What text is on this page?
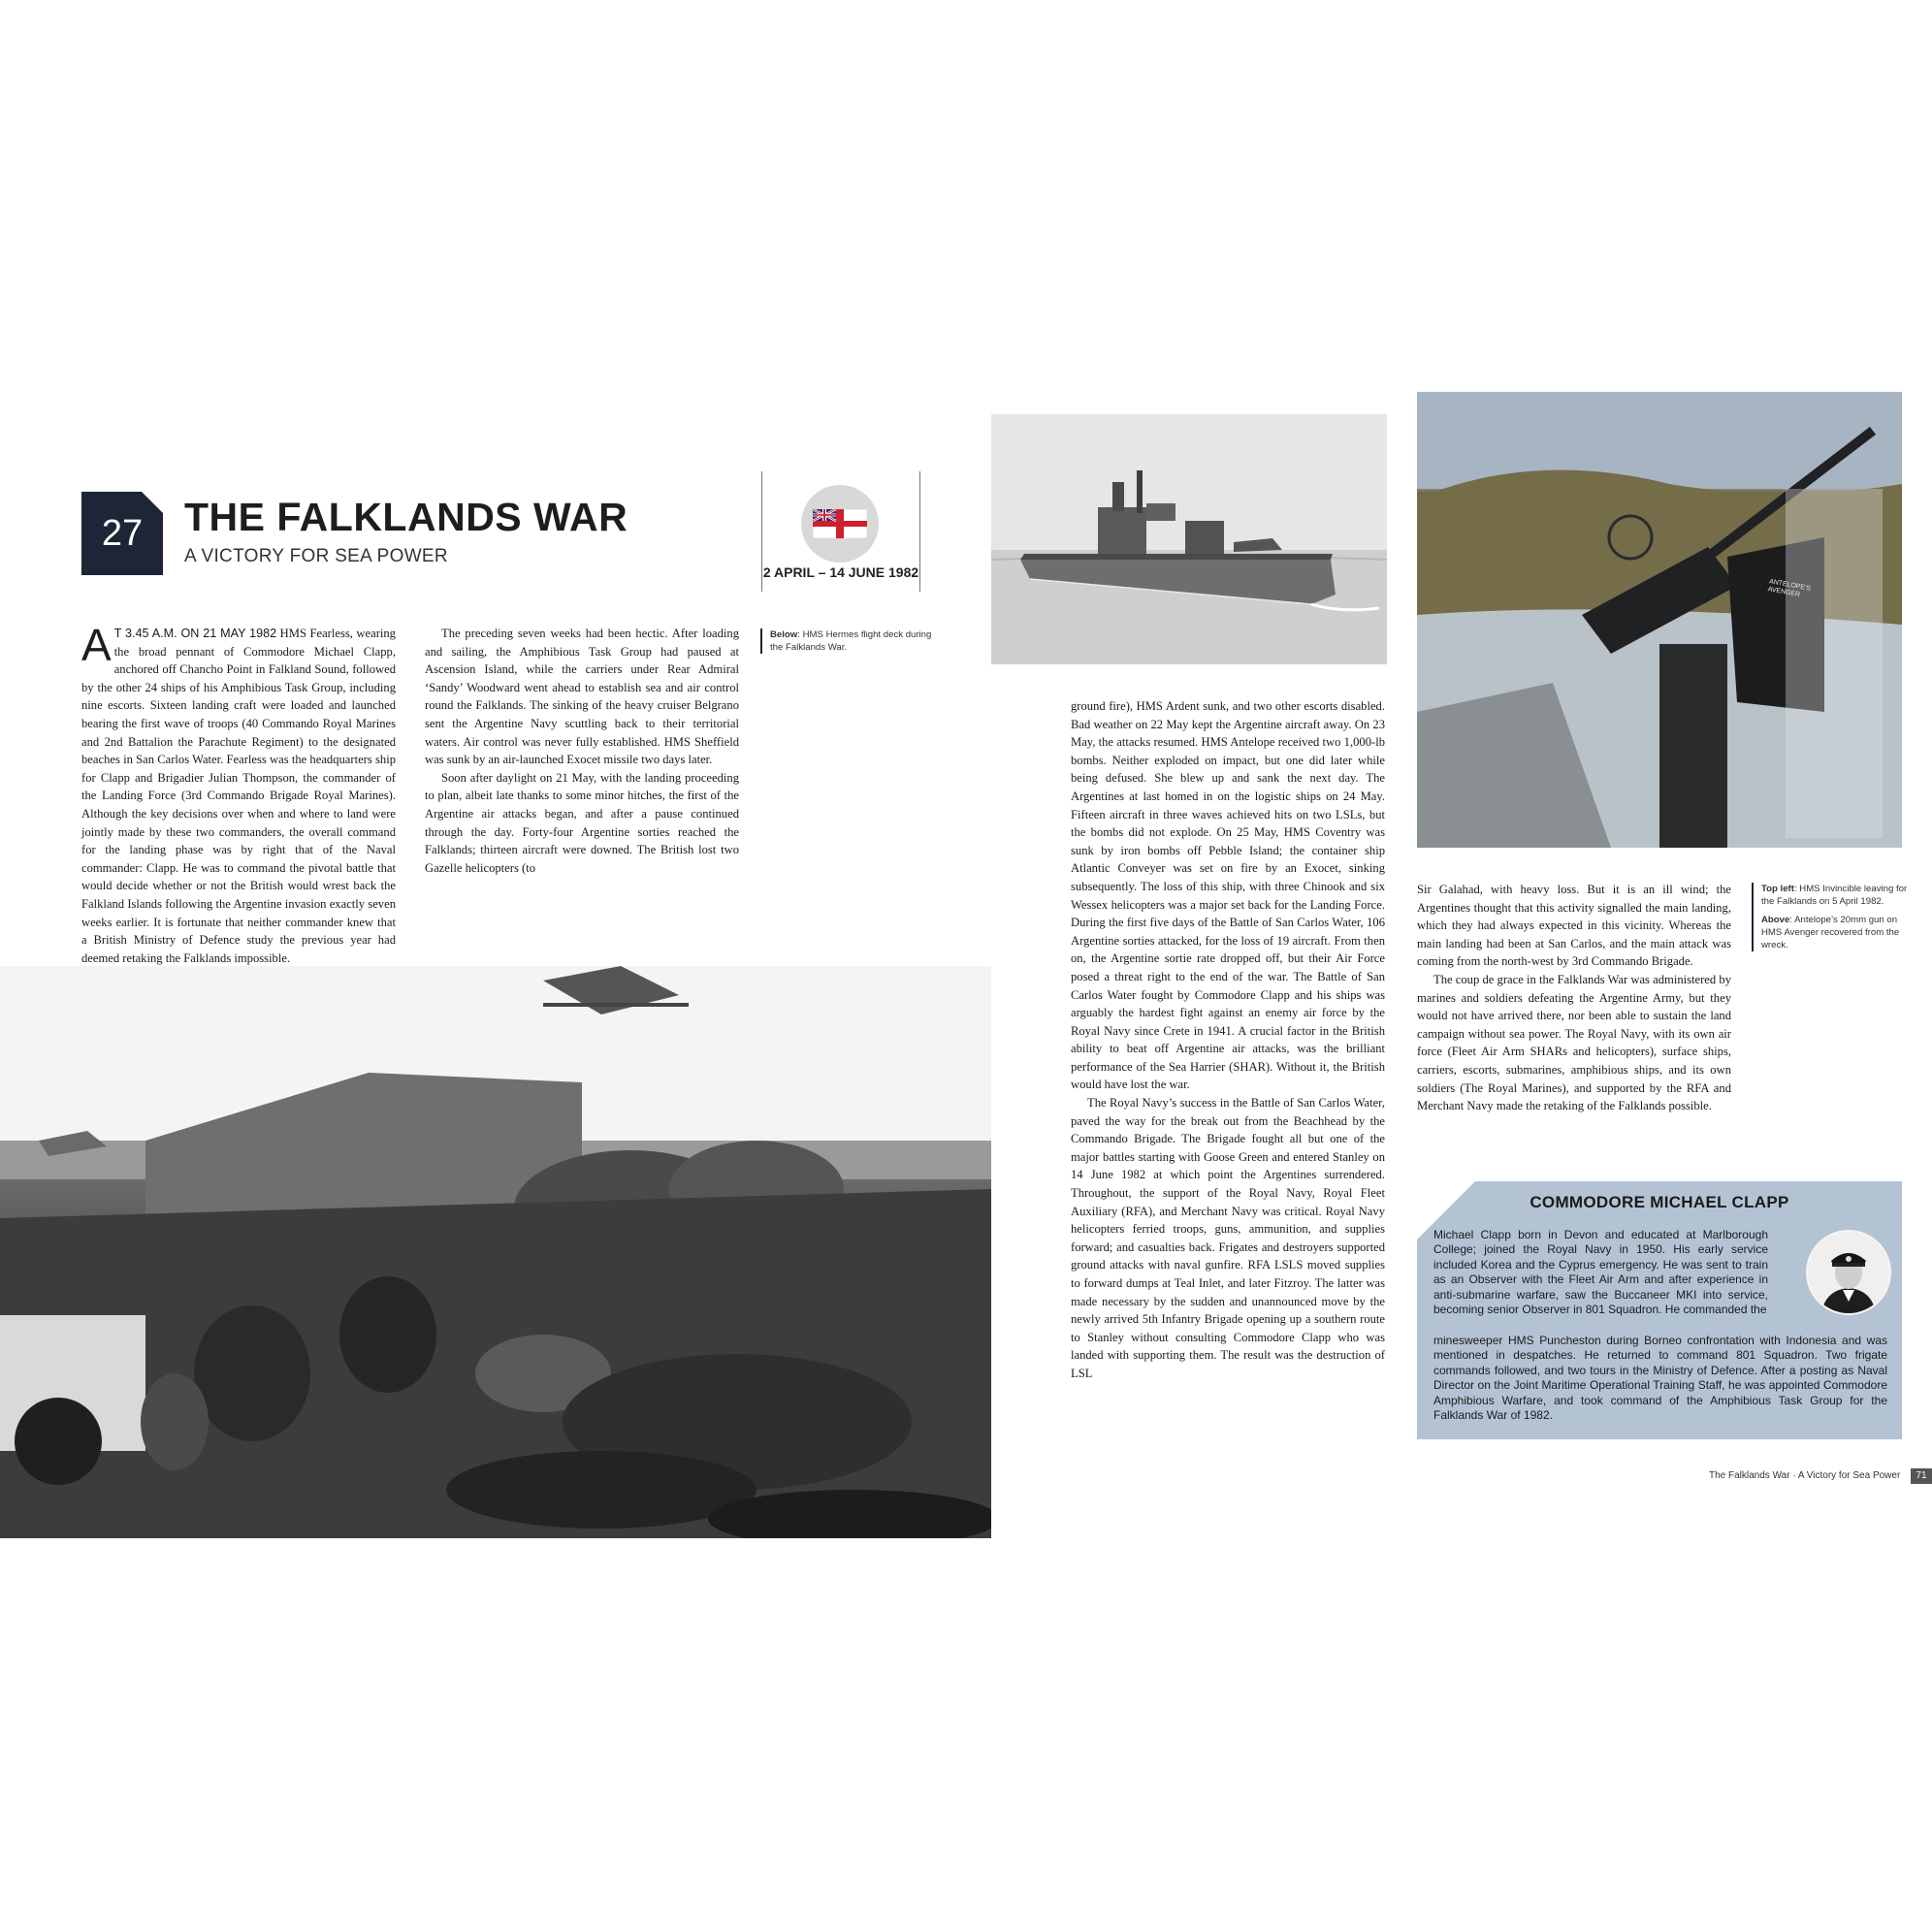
27 THE FALKLANDS WAR
A VICTORY FOR SEA POWER
2 APRIL – 14 JUNE 1982

A T 3.45 A.M. ON 21 MAY 1982 HMS Fearless, wearing the broad pennant of Commodore Michael Clapp, anchored off Chancho Point in Falkland Sound, followed by the other 24 ships of his Amphibious Task Group, including nine escorts. Sixteen landing craft were loaded and launched bearing the first wave of troops (40 Commando Royal Marines and 2nd Battalion the Parachute Regiment) to the designated beaches in San Carlos Water. Fearless was the headquarters ship for Clapp and Brigadier Julian Thompson, the commander of the Landing Force (3rd Commando Brigade Royal Marines). Although the key decisions over when and where to land were jointly made by these two commanders, the overall command for the landing phase was by right that of the Naval commander: Clapp. He was to command the pivotal battle that would decide whether or not the British would wrest back the Falkland Islands following the Argentine invasion exactly seven weeks earlier. It is fortunate that neither commander knew that a British Ministry of Defence study the previous year had deemed retaking the Falklands impossible.

The preceding seven weeks had been hectic. After loading and sailing, the Amphibious Task Group had paused at Ascension Island, while the carriers under Rear Admiral ‘Sandy’ Woodward went ahead to establish sea and air control round the Falklands. The sinking of the heavy cruiser Belgrano sent the Argentine Navy scuttling back to their territorial waters. Air control was never fully established. HMS Sheffield was sunk by an air-launched Exocet missile two days later.

Soon after daylight on 21 May, with the landing proceeding to plan, albeit late thanks to some minor hitches, the first of the Argentine air attacks began, and after a pause continued through the day. Forty-four Argentine sorties reached the Falklands; thirteen aircraft were downed. The British lost two Gazelle helicopters (to

Below: HMS Hermes flight deck during the Falklands War.
ANTELOPE'S AVENGER
Top left: HMS Invincible leaving for the Falklands on 5 April 1982.
Above: Antelope’s 20mm gun on HMS Avenger recovered from the wreck.

ground fire), HMS Ardent sunk, and two other escorts disabled. Bad weather on 22 May kept the Argentine aircraft away. On 23 May, the attacks resumed. HMS Antelope received two 1,000-lb bombs. Neither exploded on impact, but one did later while being defused. She blew up and sank the next day. The Argentines at last homed in on the logistic ships on 24 May. Fifteen aircraft in three waves achieved hits on two LSLs, but the bombs did not explode. On 25 May, HMS Coventry was sunk by iron bombs off Pebble Island; the container ship Atlantic Conveyer was set on fire by an Exocet, sinking subsequently. The loss of this ship, with three Chinook and six Wessex helicopters was a major set back for the Landing Force. During the first five days of the Battle of San Carlos Water, 106 Argentine sorties attacked, for the loss of 19 aircraft. From then on, the Argentine sortie rate dropped off, but their Air Force posed a threat right to the end of the war. The Battle of San Carlos Water fought by Commodore Clapp and his ships was arguably the hardest fight against an enemy air force by the Royal Navy since Crete in 1941. A crucial factor in the British ability to beat off Argentine air attacks, was the brilliant performance of the Sea Harrier (SHAR). Without it, the British would have lost the war.

The Royal Navy’s success in the Battle of San Carlos Water, paved the way for the break out from the Beachhead by the Commando Brigade. The Brigade fought all but one of the major battles starting with Goose Green and entered Stanley on 14 June 1982 at which point the Argentines surrendered. Throughout, the support of the Royal Navy, Royal Fleet Auxiliary (RFA), and Merchant Navy was critical. Royal Navy helicopters ferried troops, guns, ammunition, and supplies forward; and casualties back. Frigates and destroyers supported ground attacks with naval gunfire. RFA LSLS moved supplies to forward dumps at Teal Inlet, and later Fitzroy. The latter was made necessary by the sudden and unannounced move by the newly arrived 5th Infantry Brigade opening up a southern route to Stanley without consulting Commodore Clapp who was landed with supporting them. The result was the destruction of LSL

Sir Galahad, with heavy loss. But it is an ill wind; the Argentines thought that this activity signalled the main landing, which they had always expected in this vicinity. Whereas the main landing had been at San Carlos, and the main attack was coming from the north-west by 3rd Commando Brigade.

The coup de grace in the Falklands War was administered by marines and soldiers defeating the Argentine Army, but they would not have arrived there, nor been able to sustain the land campaign without sea power. The Royal Navy, with its own air force (Fleet Air Arm SHARs and helicopters), surface ships, carriers, escorts, submarines, amphibious ships, and its own soldiers (The Royal Marines), and supported by the RFA and Merchant Navy made the retaking of the Falklands possible.

COMMODORE MICHAEL CLAPP
Michael Clapp born in Devon and educated at Marlborough College; joined the Royal Navy in 1950. His early service included Korea and the Cyprus emergency. He was sent to train as an Observer with the Fleet Air Arm and after experience in anti-submarine warfare, saw the Buccaneer MKI into service, becoming senior Observer in 801 Squadron. He commanded the
minesweeper HMS Puncheston during Borneo confrontation with Indonesia and was mentioned in despatches. He returned to command 801 Squadron. Two frigate commands followed, and two tours in the Ministry of Defence. After a posting as Naval Director on the Joint Maritime Operational Training Staff, he was appointed Commodore Amphibious Warfare, and took command of the Amphibious Task Group for the Falklands War of 1982.
The Falklands War · A Victory for Sea Power	71
